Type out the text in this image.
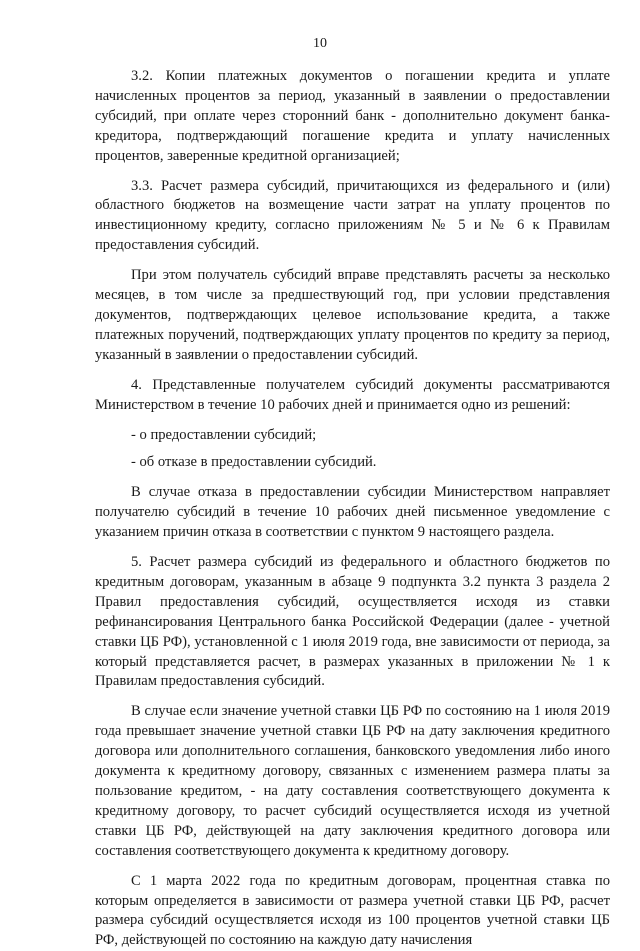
10

3.2. Копии платежных документов о погашении кредита и уплате начисленных процентов за период, указанный в заявлении о предоставлении субсидий, при оплате через сторонний банк - дополнительно документ банка-кредитора, подтверждающий погашение кредита и уплату начисленных процентов, заверенные кредитной организацией;

3.3. Расчет размера субсидий, причитающихся из федерального и (или) областного бюджетов на возмещение части затрат на уплату процентов по инвестиционному кредиту, согласно приложениям № 5 и № 6 к Правилам предоставления субсидий.

При этом получатель субсидий вправе представлять расчеты за несколько месяцев, в том числе за предшествующий год, при условии представления документов, подтверждающих целевое использование кредита, а также платежных поручений, подтверждающих уплату процентов по кредиту за период, указанный в заявлении о предоставлении субсидий.

4. Представленные получателем субсидий документы рассматриваются Министерством в течение 10 рабочих дней и принимается одно из решений:

- о предоставлении субсидий;

- об отказе в предоставлении субсидий.

В случае отказа в предоставлении субсидии Министерством направляет получателю субсидий в течение 10 рабочих дней письменное уведомление с указанием причин отказа в соответствии с пунктом 9 настоящего раздела.

5. Расчет размера субсидий из федерального и областного бюджетов по кредитным договорам, указанным в абзаце 9 подпункта 3.2 пункта 3 раздела 2 Правил предоставления субсидий, осуществляется исходя из ставки рефинансирования Центрального банка Российской Федерации (далее - учетной ставки ЦБ РФ), установленной с 1 июля 2019 года, вне зависимости от периода, за который представляется расчет, в размерах указанных в приложении № 1 к Правилам предоставления субсидий.

В случае если значение учетной ставки ЦБ РФ по состоянию на 1 июля 2019 года превышает значение учетной ставки ЦБ РФ на дату заключения кредитного договора или дополнительного соглашения, банковского уведомления либо иного документа к кредитному договору, связанных с изменением размера платы за пользование кредитом, - на дату составления соответствующего документа к кредитному договору, то расчет субсидий осуществляется исходя из учетной ставки ЦБ РФ, действующей на дату заключения кредитного договора или составления соответствующего документа к кредитному договору.

С 1 марта 2022 года по кредитным договорам, процентная ставка по которым определяется в зависимости от размера учетной ставки ЦБ РФ, расчет размера субсидий осуществляется исходя из 100 процентов учетной ставки ЦБ РФ, действующей по состоянию на каждую дату начисления
